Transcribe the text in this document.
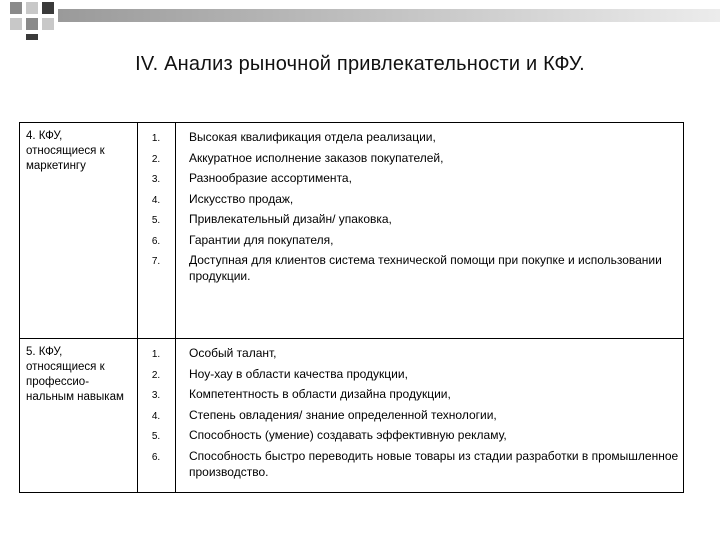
IV. Анализ рыночной привлекательности и КФУ.
4. КФУ, относящиеся к маркетингу
1.
2.
3.
4.
5.
6.
7.
Высокая квалификация отдела реализации,
Аккуратное исполнение заказов покупателей,
Разнообразие ассортимента,
Искусство продаж,
Привлекательный дизайн/ упаковка,
Гарантии для покупателя,
Доступная для клиентов система технической помощи при покупке и использовании продукции.
5. КФУ, относящиеся к профессио-нальным навыкам
1.
2.
3.
4.
5.
6.
Особый талант,
Ноу-хау в области качества продукции,
Компетентность в области дизайна продукции,
Степень овладения/ знание определенной технологии,
Способность (умение) создавать эффективную рекламу,
Способность быстро переводить новые товары из стадии разработки в промышленное производство.
